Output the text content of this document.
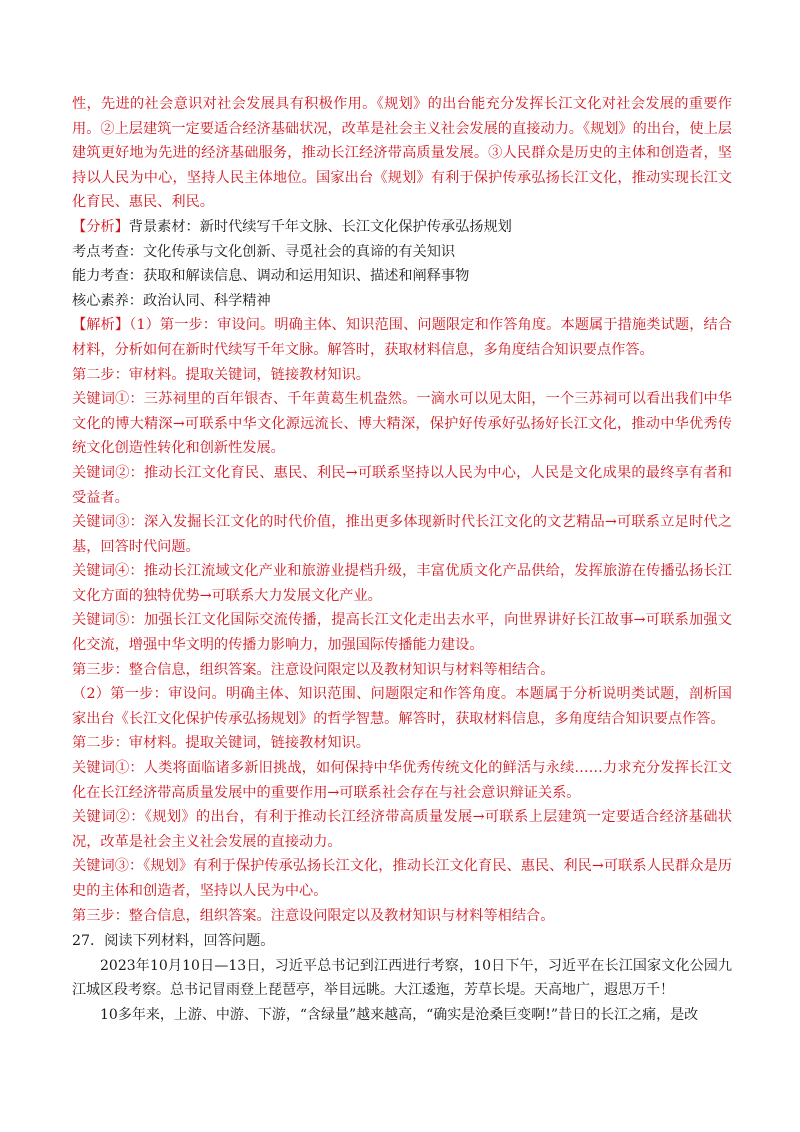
性，先进的社会意识对社会发展具有积极作用。《规划》的出台能充分发挥长江文化对社会发展的重要作用。②上层建筑一定要适合经济基础状况，改革是社会主义社会发展的直接动力。《规划》的出台，使上层建筑更好地为先进的经济基础服务，推动长江经济带高质量发展。③人民群众是历史的主体和创造者，坚持以人民为中心，坚持人民主体地位。国家出台《规划》有利于保护传承弘扬长江文化，推动实现长江文化育民、惠民、利民。

【分析】背景素材：新时代续写千年文脉、长江文化保护传承弘扬规划

考点考查：文化传承与文化创新、寻觅社会的真谛的有关知识

能力考查：获取和解读信息、调动和运用知识、描述和阐释事物

核心素养：政治认同、科学精神

【解析】（1）第一步：审设问。明确主体、知识范围、问题限定和作答角度。本题属于措施类试题，结合材料，分析如何在新时代续写千年文脉。解答时，获取材料信息，多角度结合知识要点作答。

第二步：审材料。提取关键词，链接教材知识。

关键词①：三苏祠里的百年银杏、千年黄葛生机盎然。一滴水可以见太阳，一个三苏祠可以看出我们中华文化的博大精深→可联系中华文化源远流长、博大精深，保护好传承好弘扬好长江文化，推动中华优秀传统文化创造性转化和创新性发展。

关键词②：推动长江文化育民、惠民、利民→可联系坚持以人民为中心，人民是文化成果的最终享有者和受益者。

关键词③：深入发掘长江文化的时代价值，推出更多体现新时代长江文化的文艺精品→可联系立足时代之基，回答时代问题。

关键词④：推动长江流域文化产业和旅游业提档升级，丰富优质文化产品供给，发挥旅游在传播弘扬长江文化方面的独特优势→可联系大力发展文化产业。

关键词⑤：加强长江文化国际交流传播，提高长江文化走出去水平，向世界讲好长江故事→可联系加强文化交流，增强中华文明的传播力影响力，加强国际传播能力建设。

第三步：整合信息，组织答案。注意设问限定以及教材知识与材料等相结合。

（2）第一步：审设问。明确主体、知识范围、问题限定和作答角度。本题属于分析说明类试题，剖析国家出台《长江文化保护传承弘扬规划》的哲学智慧。解答时，获取材料信息，多角度结合知识要点作答。

第二步：审材料。提取关键词，链接教材知识。

关键词①：人类将面临诸多新旧挑战，如何保持中华优秀传统文化的鲜活与永续……力求充分发挥长江文化在长江经济带高质量发展中的重要作用→可联系社会存在与社会意识辩证关系。

关键词②：《规划》的出台，有利于推动长江经济带高质量发展→可联系上层建筑一定要适合经济基础状况，改革是社会主义社会发展的直接动力。

关键词③：《规划》有利于保护传承弘扬长江文化，推动长江文化育民、惠民、利民→可联系人民群众是历史的主体和创造者，坚持以人民为中心。

第三步：整合信息，组织答案。注意设问限定以及教材知识与材料等相结合。

27．阅读下列材料，回答问题。

2023年10月10日—13日，习近平总书记到江西进行考察，10日下午，习近平在长江国家文化公园九江城区段考察。总书记冒雨登上琵琶亭，举目远眺。大江逶迤，芳草长堤。天高地广，遐思万千！

10多年来，上游、中游、下游，“含绿量”越来越高，“确实是沧桑巨变啊!”昔日的长江之痛，是改
